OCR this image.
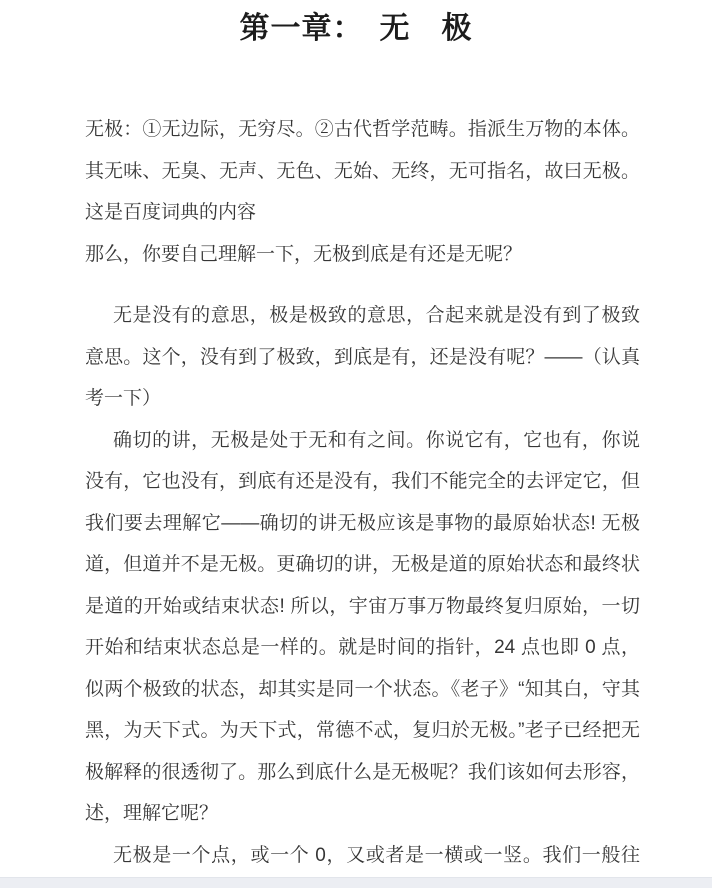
第一章：　无　极
无极：①无边际，无穷尽。②古代哲学范畴。指派生万物的本体。
其无味、无臭、无声、无色、无始、无终，无可指名，故曰无极。
这是百度词典的内容
那么，你要自己理解一下，无极到底是有还是无呢？
无是没有的意思，极是极致的意思，合起来就是没有到了极致
意思。这个，没有到了极致，到底是有，还是没有呢？——（认真
考一下）
确切的讲，无极是处于无和有之间。你说它有，它也有，你说
没有，它也没有，到底有还是没有，我们不能完全的去评定它，但
我们要去理解它——确切的讲无极应该是事物的最原始状态! 无极
道，但道并不是无极。更确切的讲，无极是道的原始状态和最终状
是道的开始或结束状态! 所以，宇宙万事万物最终复归原始，一切
开始和结束状态总是一样的。就是时间的指针，24 点也即 0 点，
似两个极致的状态，却其实是同一个状态。《老子》“知其白，守其
黑，为天下式。为天下式，常德不忒，复归於无极。”老子已经把无
极解释的很透彻了。那么到底什么是无极呢？我们该如何去形容，
述，理解它呢？
无极是一个点，或一个 0，又或者是一横或一竖。我们一般往
